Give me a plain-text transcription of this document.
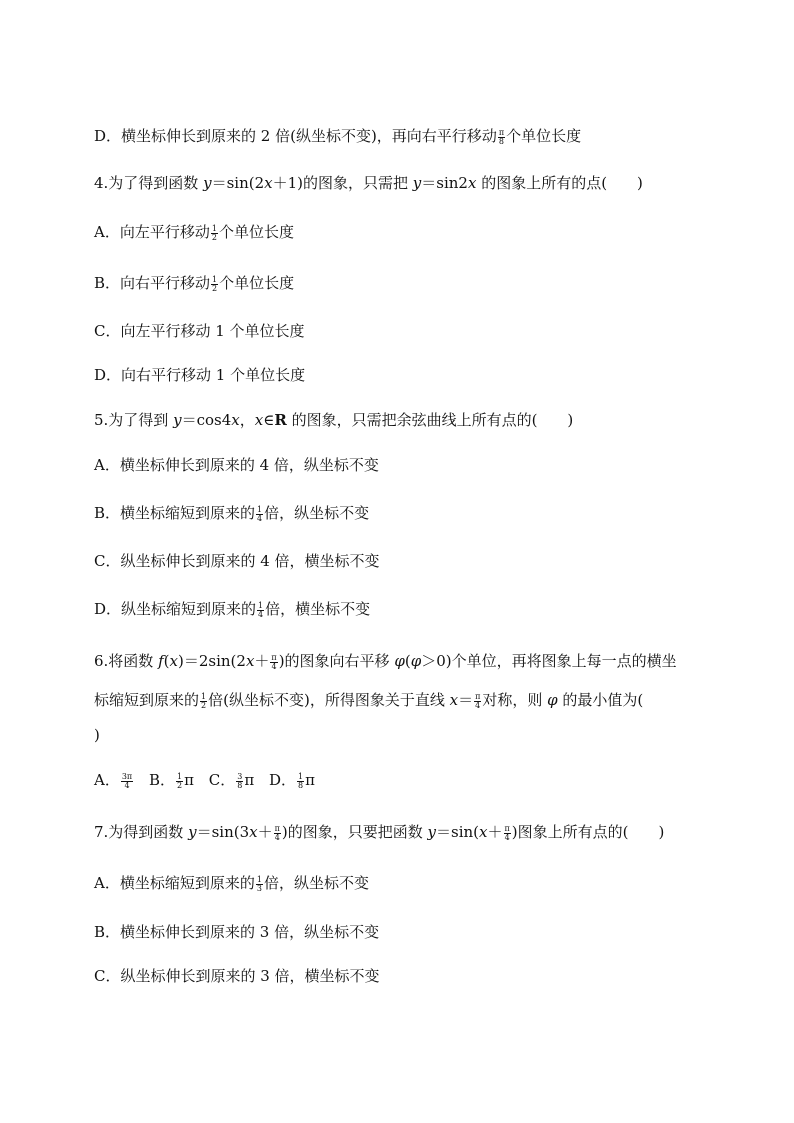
D．横坐标伸长到原来的 2 倍(纵坐标不变)，再向右平行移动 $\frac{\pi}{8}$ 个单位长度
4.为了得到函数 y＝sin(2x＋1)的图象，只需把 y＝sin2x 的图象上所有的点(　　)
A．向左平行移动 $\frac{1}{2}$ 个单位长度
B．向右平行移动 $\frac{1}{2}$ 个单位长度
C．向左平行移动 1 个单位长度
D．向右平行移动 1 个单位长度
5.为了得到 y＝cos4x，x∈R 的图象，只需把余弦曲线上所有点的(　　)
A．横坐标伸长到原来的 4 倍，纵坐标不变
B．横坐标缩短到原来的 $\frac{1}{4}$ 倍，纵坐标不变
C．纵坐标伸长到原来的 4 倍，横坐标不变
D．纵坐标缩短到原来的 $\frac{1}{4}$ 倍，横坐标不变
6.将函数 $f(x)=2\sin(2x+ \frac{\pi}{4}$ )的图象向右平移 φ(φ＞0)个单位，再将图象上每一点的横坐
标缩短到原来的 $\frac{1}{2}$ 倍(纵坐标不变)，所得图象关于直线 $x= \frac{\pi}{4}$ 对称，则 φ 的最小值为(
)
A． $\frac{3\pi}{4}$ B． $\frac{1}{2}$ π C． $\frac{3}{8}$ π D． $\frac{1}{8}$ π
7.为得到函数 $y=\sin(3x+ \frac{\pi}{4}$ )的图象，只要把函数 $y=\sin(x+ \frac{\pi}{4}$ )图象上所有点的(　　)
A．横坐标缩短到原来的 $\frac{1}{3}$ 倍，纵坐标不变
B．横坐标伸长到原来的 3 倍，纵坐标不变
C．纵坐标伸长到原来的 3 倍，横坐标不变
